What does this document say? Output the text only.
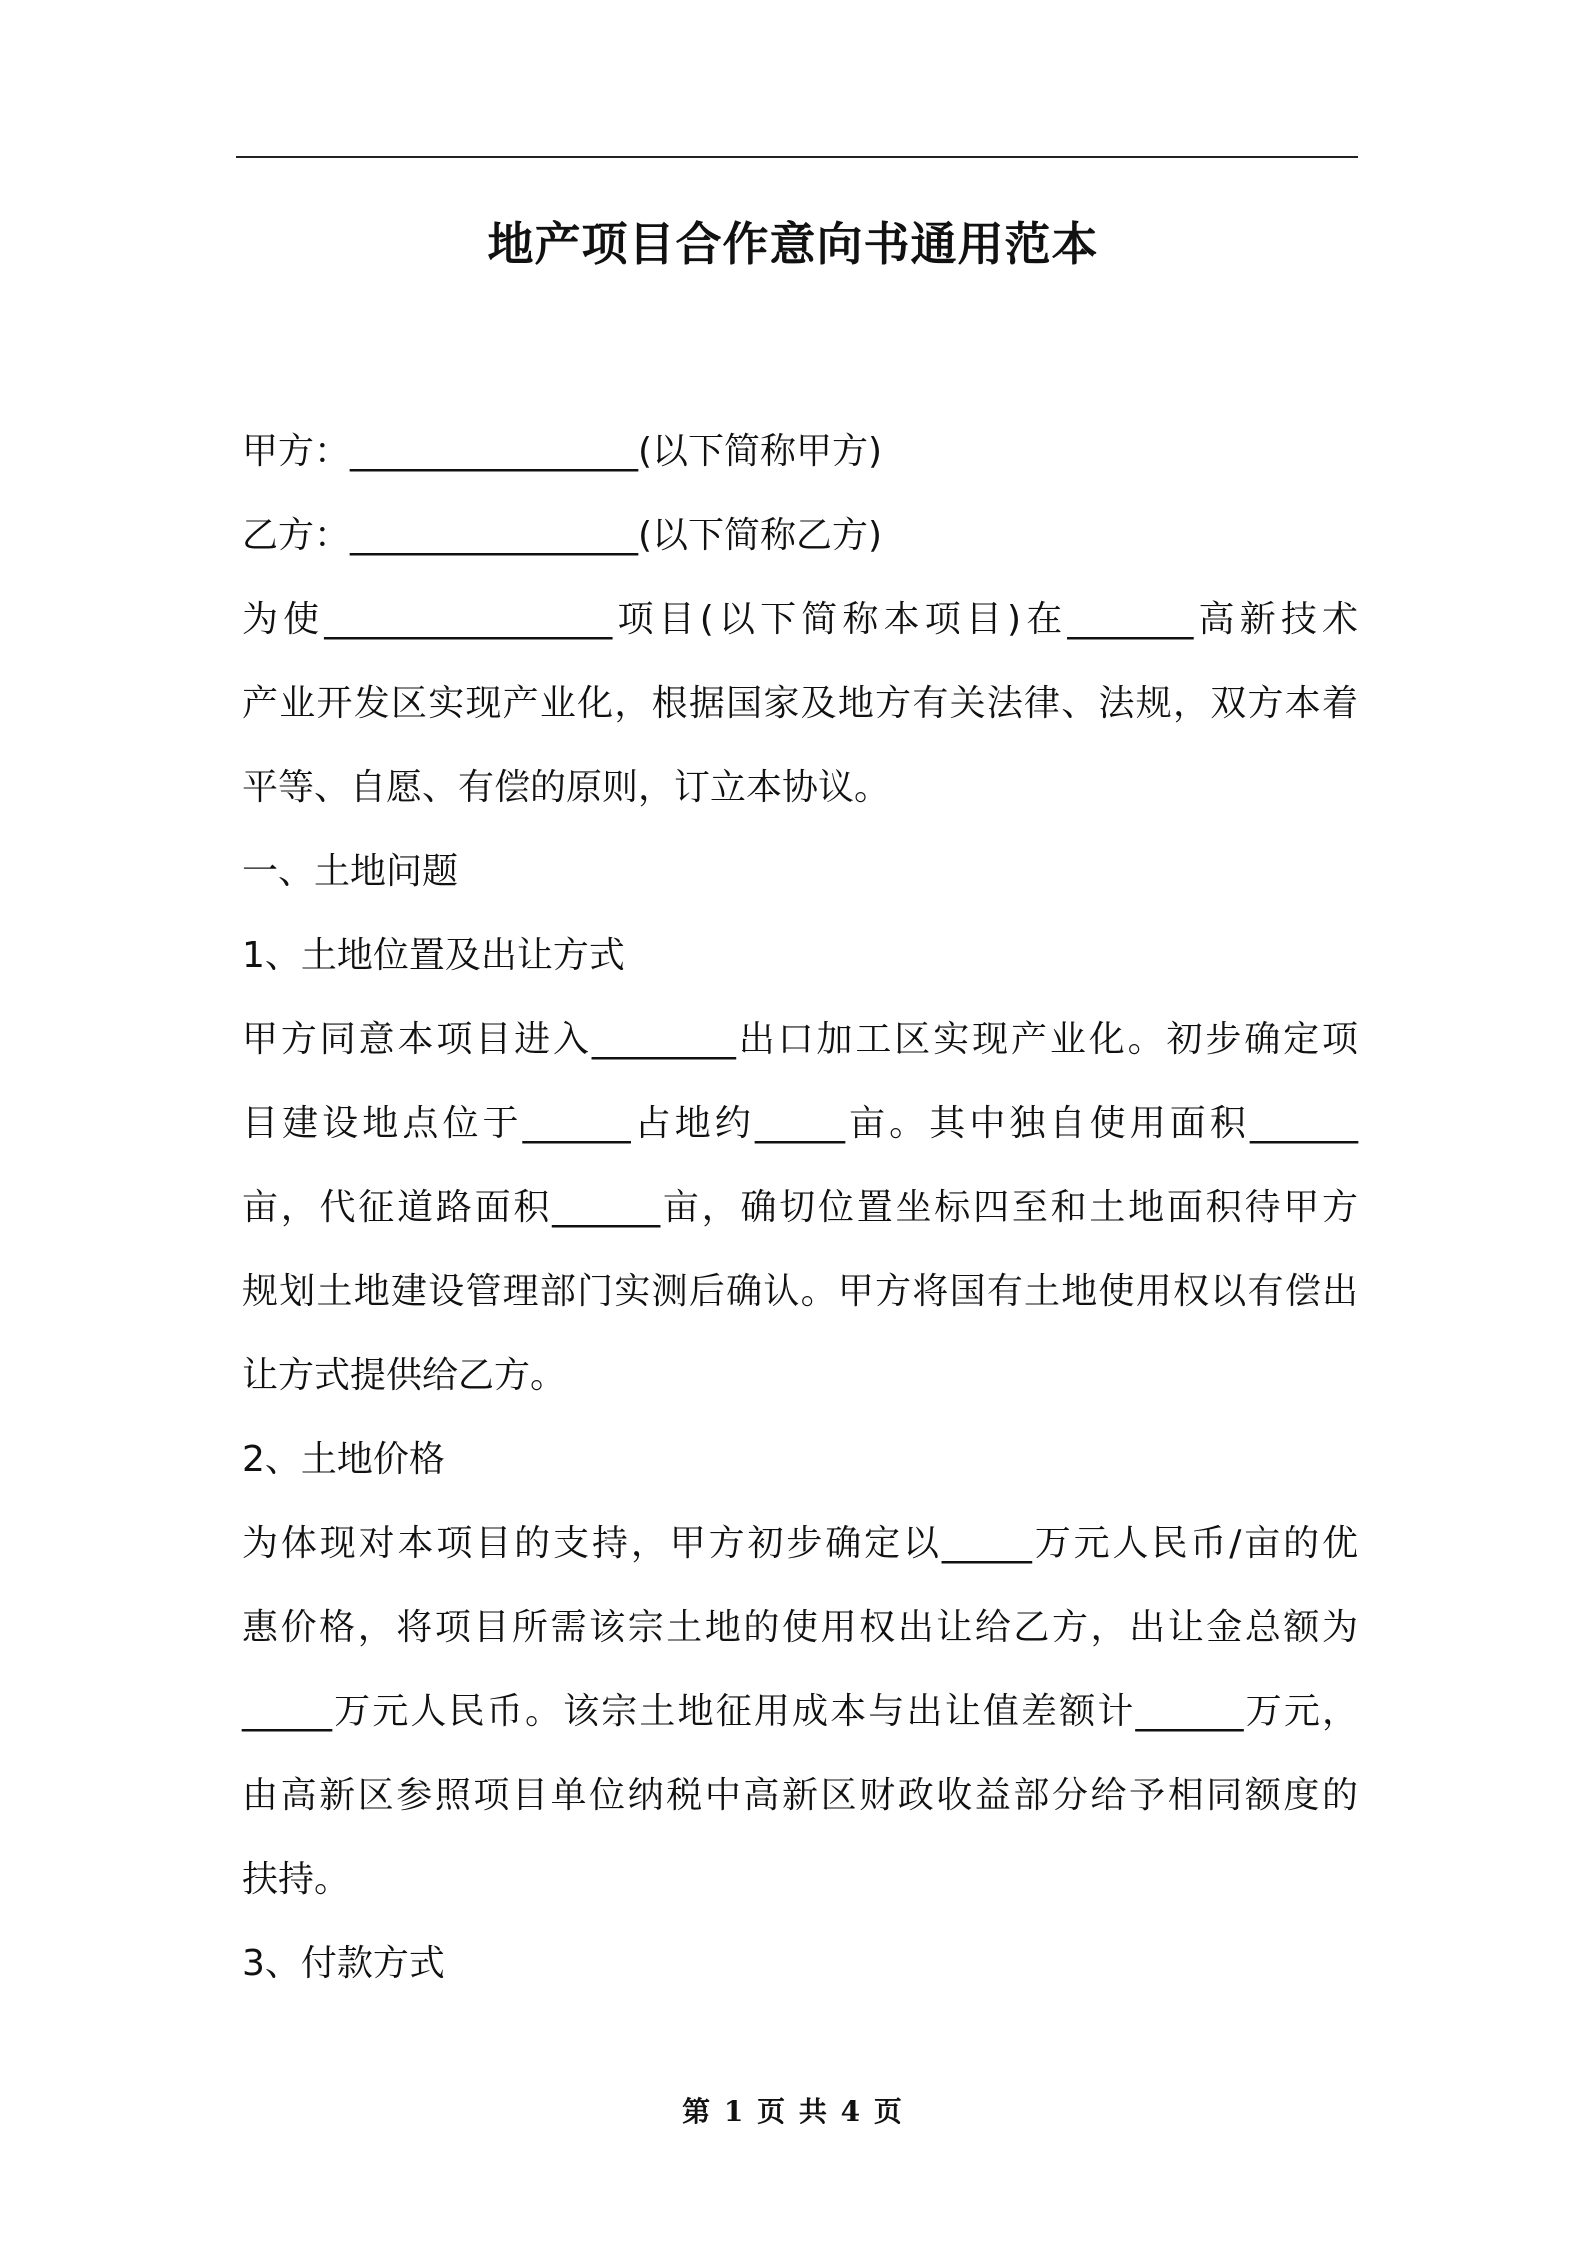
地产项目合作意向书通用范本
甲方：________________(以下简称甲方)
乙方：________________(以下简称乙方)
为使________________项目(以下简称本项目)在_______高新技术
产业开发区实现产业化，根据国家及地方有关法律、法规，双方本着
平等、自愿、有偿的原则，订立本协议。
一、土地问题
1、土地位置及出让方式
甲方同意本项目进入________出口加工区实现产业化。初步确定项
目建设地点位于______占地约_____亩。其中独自使用面积______
亩，代征道路面积______亩，确切位置坐标四至和土地面积待甲方
规划土地建设管理部门实测后确认。甲方将国有土地使用权以有偿出
让方式提供给乙方。
2、土地价格
为体现对本项目的支持，甲方初步确定以_____万元人民币/亩的优
惠价格，将项目所需该宗土地的使用权出让给乙方，出让金总额为
_____万元人民币。该宗土地征用成本与出让值差额计______万元，
由高新区参照项目单位纳税中高新区财政收益部分给予相同额度的
扶持。
3、付款方式
第 1 页 共 4 页
